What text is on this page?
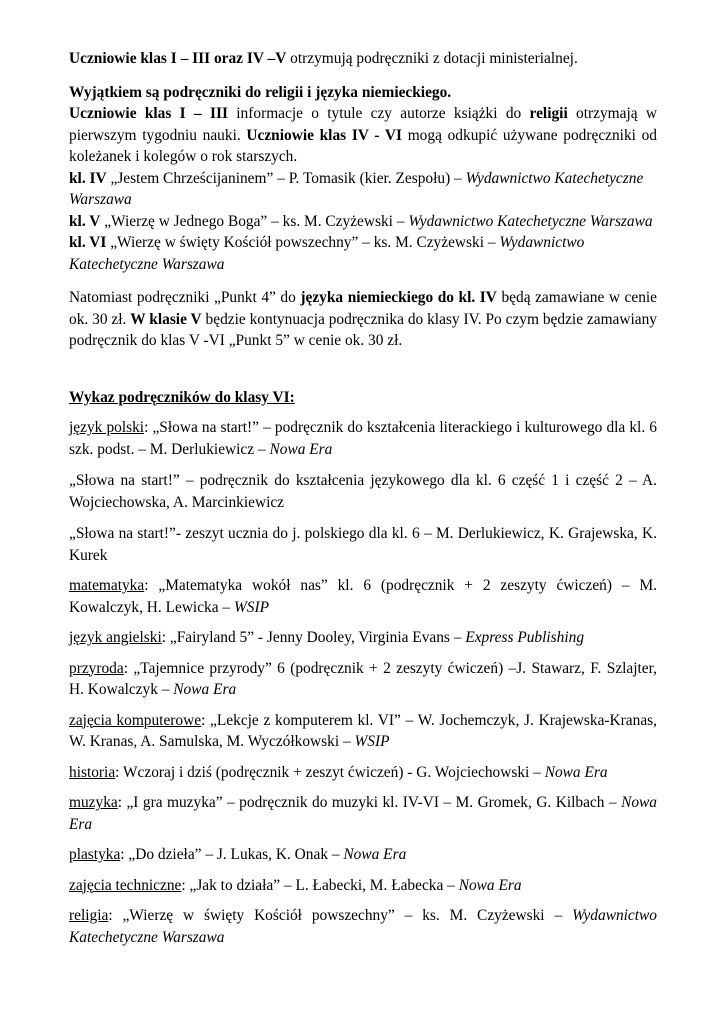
Uczniowie klas I – III oraz IV –V otrzymują podręczniki z dotacji ministerialnej.

Wyjątkiem są podręczniki do religii i języka niemieckiego.

Uczniowie klas I – III informacje o tytule czy autorze książki do religii otrzymają w pierwszym tygodniu nauki. Uczniowie klas IV - VI mogą odkupić używane podręczniki od koleżanek i kolegów o rok starszych.

kl. IV „Jestem Chrześcijaninem” – P. Tomasik (kier. Zespołu) – Wydawnictwo Katechetyczne Warszawa

kl. V „Wierzę w Jednego Boga” – ks. M. Czyżewski – Wydawnictwo Katechetyczne Warszawa

kl. VI „Wierzę w święty Kościół powszechny” – ks. M. Czyżewski – Wydawnictwo Katechetyczne Warszawa

Natomiast podręczniki „Punkt 4” do języka niemieckiego do kl. IV będą zamawiane w cenie ok. 30 zł. W klasie V będzie kontynuacja podręcznika do klasy IV. Po czym będzie zamawiany podręcznik do klas V -VI „Punkt 5” w cenie ok. 30 zł.

Wykaz podręczników do klasy VI:

język polski: „Słowa na start!” – podręcznik do kształcenia literackiego i kulturowego dla kl. 6 szk. podst. – M. Derlukiewicz – Nowa Era

„Słowa na start!” – podręcznik do kształcenia językowego dla kl. 6 część 1 i część 2 – A. Wojciechowska, A. Marcinkiewicz

„Słowa na start!”- zeszyt ucznia do j. polskiego dla kl. 6 – M. Derlukiewicz, K. Grajewska, K. Kurek

matematyka: „Matematyka wokół nas” kl. 6 (podręcznik + 2 zeszyty ćwiczeń) – M. Kowalczyk, H. Lewicka – WSIP

język angielski: „Fairyland 5” - Jenny Dooley, Virginia Evans – Express Publishing

przyroda: „Tajemnice przyrody” 6 (podręcznik + 2 zeszyty ćwiczeń) –J. Stawarz, F. Szlajter, H. Kowalczyk – Nowa Era

zajęcia komputerowe: „Lekcje z komputerem kl. VI” – W. Jochemczyk, J. Krajewska-Kranas, W. Kranas, A. Samulska, M. Wyczółkowski – WSIP

historia: Wczoraj i dziś (podręcznik + zeszyt ćwiczeń) - G. Wojciechowski – Nowa Era

muzyka: „I gra muzyka” – podręcznik do muzyki kl. IV-VI – M. Gromek, G. Kilbach – Nowa Era

plastyka: „Do dzieła” – J. Lukas, K. Onak – Nowa Era

zajęcia techniczne: „Jak to działa” – L. Łabecki, M. Łabecka – Nowa Era

religia: „Wierzę w święty Kościół powszechny” – ks. M. Czyżewski – Wydawnictwo Katechetyczne Warszawa
